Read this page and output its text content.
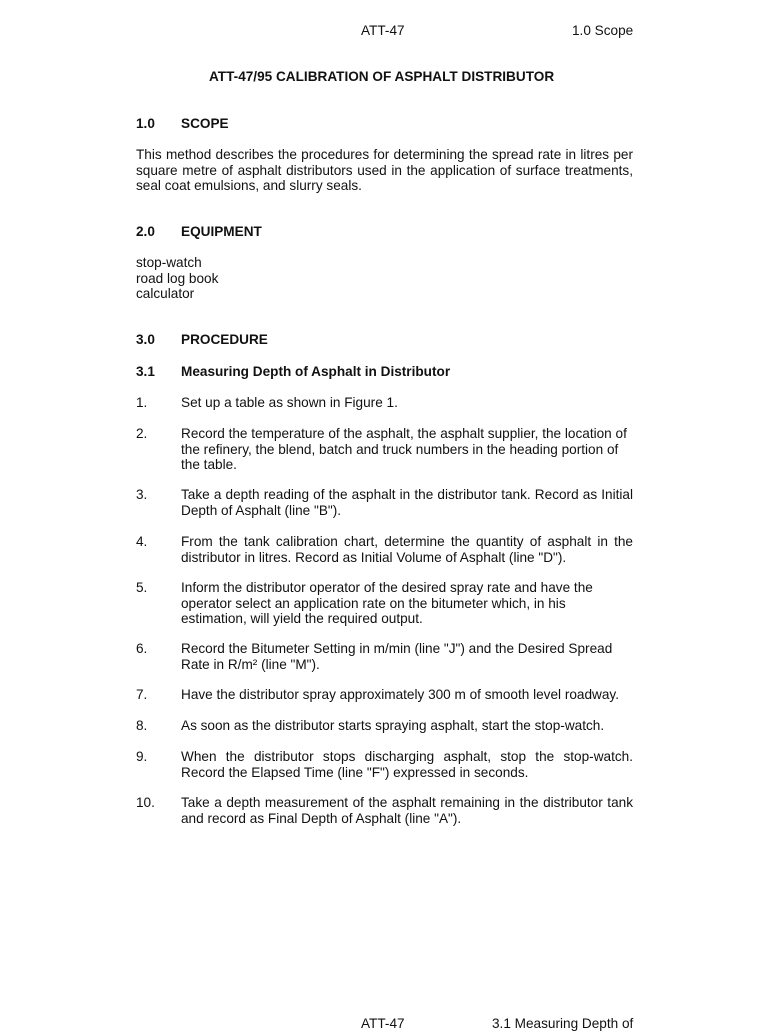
ATT-47	1.0 Scope
ATT-47/95 CALIBRATION OF ASPHALT DISTRIBUTOR
1.0 SCOPE
This method describes the procedures for determining the spread rate in litres per square metre of asphalt distributors used in the application of surface treatments, seal coat emulsions, and slurry seals.
2.0 EQUIPMENT
stop-watch
road log book
calculator
3.0 PROCEDURE
3.1 Measuring Depth of Asphalt in Distributor
1. Set up a table as shown in Figure 1.
2. Record the temperature of the asphalt, the asphalt supplier, the location of the refinery, the blend, batch and truck numbers in the heading portion of the table.
3. Take a depth reading of the asphalt in the distributor tank. Record as Initial Depth of Asphalt (line "B").
4. From the tank calibration chart, determine the quantity of asphalt in the distributor in litres. Record as Initial Volume of Asphalt (line "D").
5. Inform the distributor operator of the desired spray rate and have the operator select an application rate on the bitumeter which, in his estimation, will yield the required output.
6. Record the Bitumeter Setting in m/min (line "J") and the Desired Spread Rate in R/m² (line "M").
7. Have the distributor spray approximately 300 m of smooth level roadway.
8. As soon as the distributor starts spraying asphalt, start the stop-watch.
9. When the distributor stops discharging asphalt, stop the stop-watch. Record the Elapsed Time (line "F") expressed in seconds.
10. Take a depth measurement of the asphalt remaining in the distributor tank and record as Final Depth of Asphalt (line "A").
ATT-47	3.1 Measuring Depth of
